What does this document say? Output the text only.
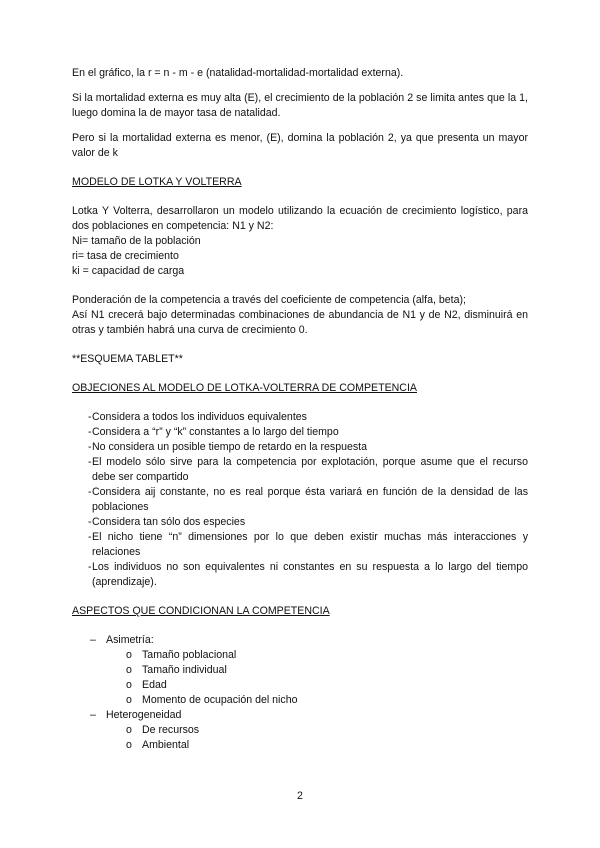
En el gráfico, la r = n - m - e (natalidad-mortalidad-mortalidad externa).

Si la mortalidad externa es muy alta (E), el crecimiento de la población 2 se limita antes que la 1, luego domina la de mayor tasa de natalidad.

Pero si la mortalidad externa es menor, (E), domina la población 2, ya que presenta un mayor valor de k

MODELO DE LOTKA Y VOLTERRA

Lotka Y Volterra, desarrollaron un modelo utilizando la ecuación de crecimiento logístico, para dos poblaciones en competencia: N1 y N2:

Ni= tamaño de la población

ri= tasa de crecimiento

ki = capacidad de carga

Ponderación de la competencia a través del coeficiente de competencia (alfa, beta);

Así N1 crecerá bajo determinadas combinaciones de abundancia de N1 y de N2, disminuirá en otras y también habrá una curva de crecimiento 0.

**ESQUEMA TABLET**

OBJECIONES AL MODELO DE LOTKA-VOLTERRA DE COMPETENCIA

- Considera a todos los individuos equivalentes
- Considera a “r” y “k” constantes a lo largo del tiempo
- No considera un posible tiempo de retardo en la respuesta
- El modelo sólo sirve para la competencia por explotación, porque asume que el recurso debe ser compartido
- Considera aij constante, no es real porque ésta variará en función de la densidad de las poblaciones
- Considera tan sólo dos especies
- El nicho tiene “n” dimensiones por lo que deben existir muchas más interacciones y relaciones
- Los individuos no son equivalentes ni constantes en su respuesta a lo largo del tiempo (aprendizaje).

ASPECTOS QUE CONDICIONAN LA COMPETENCIA

– Asimetría:
o Tamaño poblacional
o Tamaño individual
o Edad
o Momento de ocupación del nicho
– Heterogeneidad
o De recursos
o Ambiental
2
